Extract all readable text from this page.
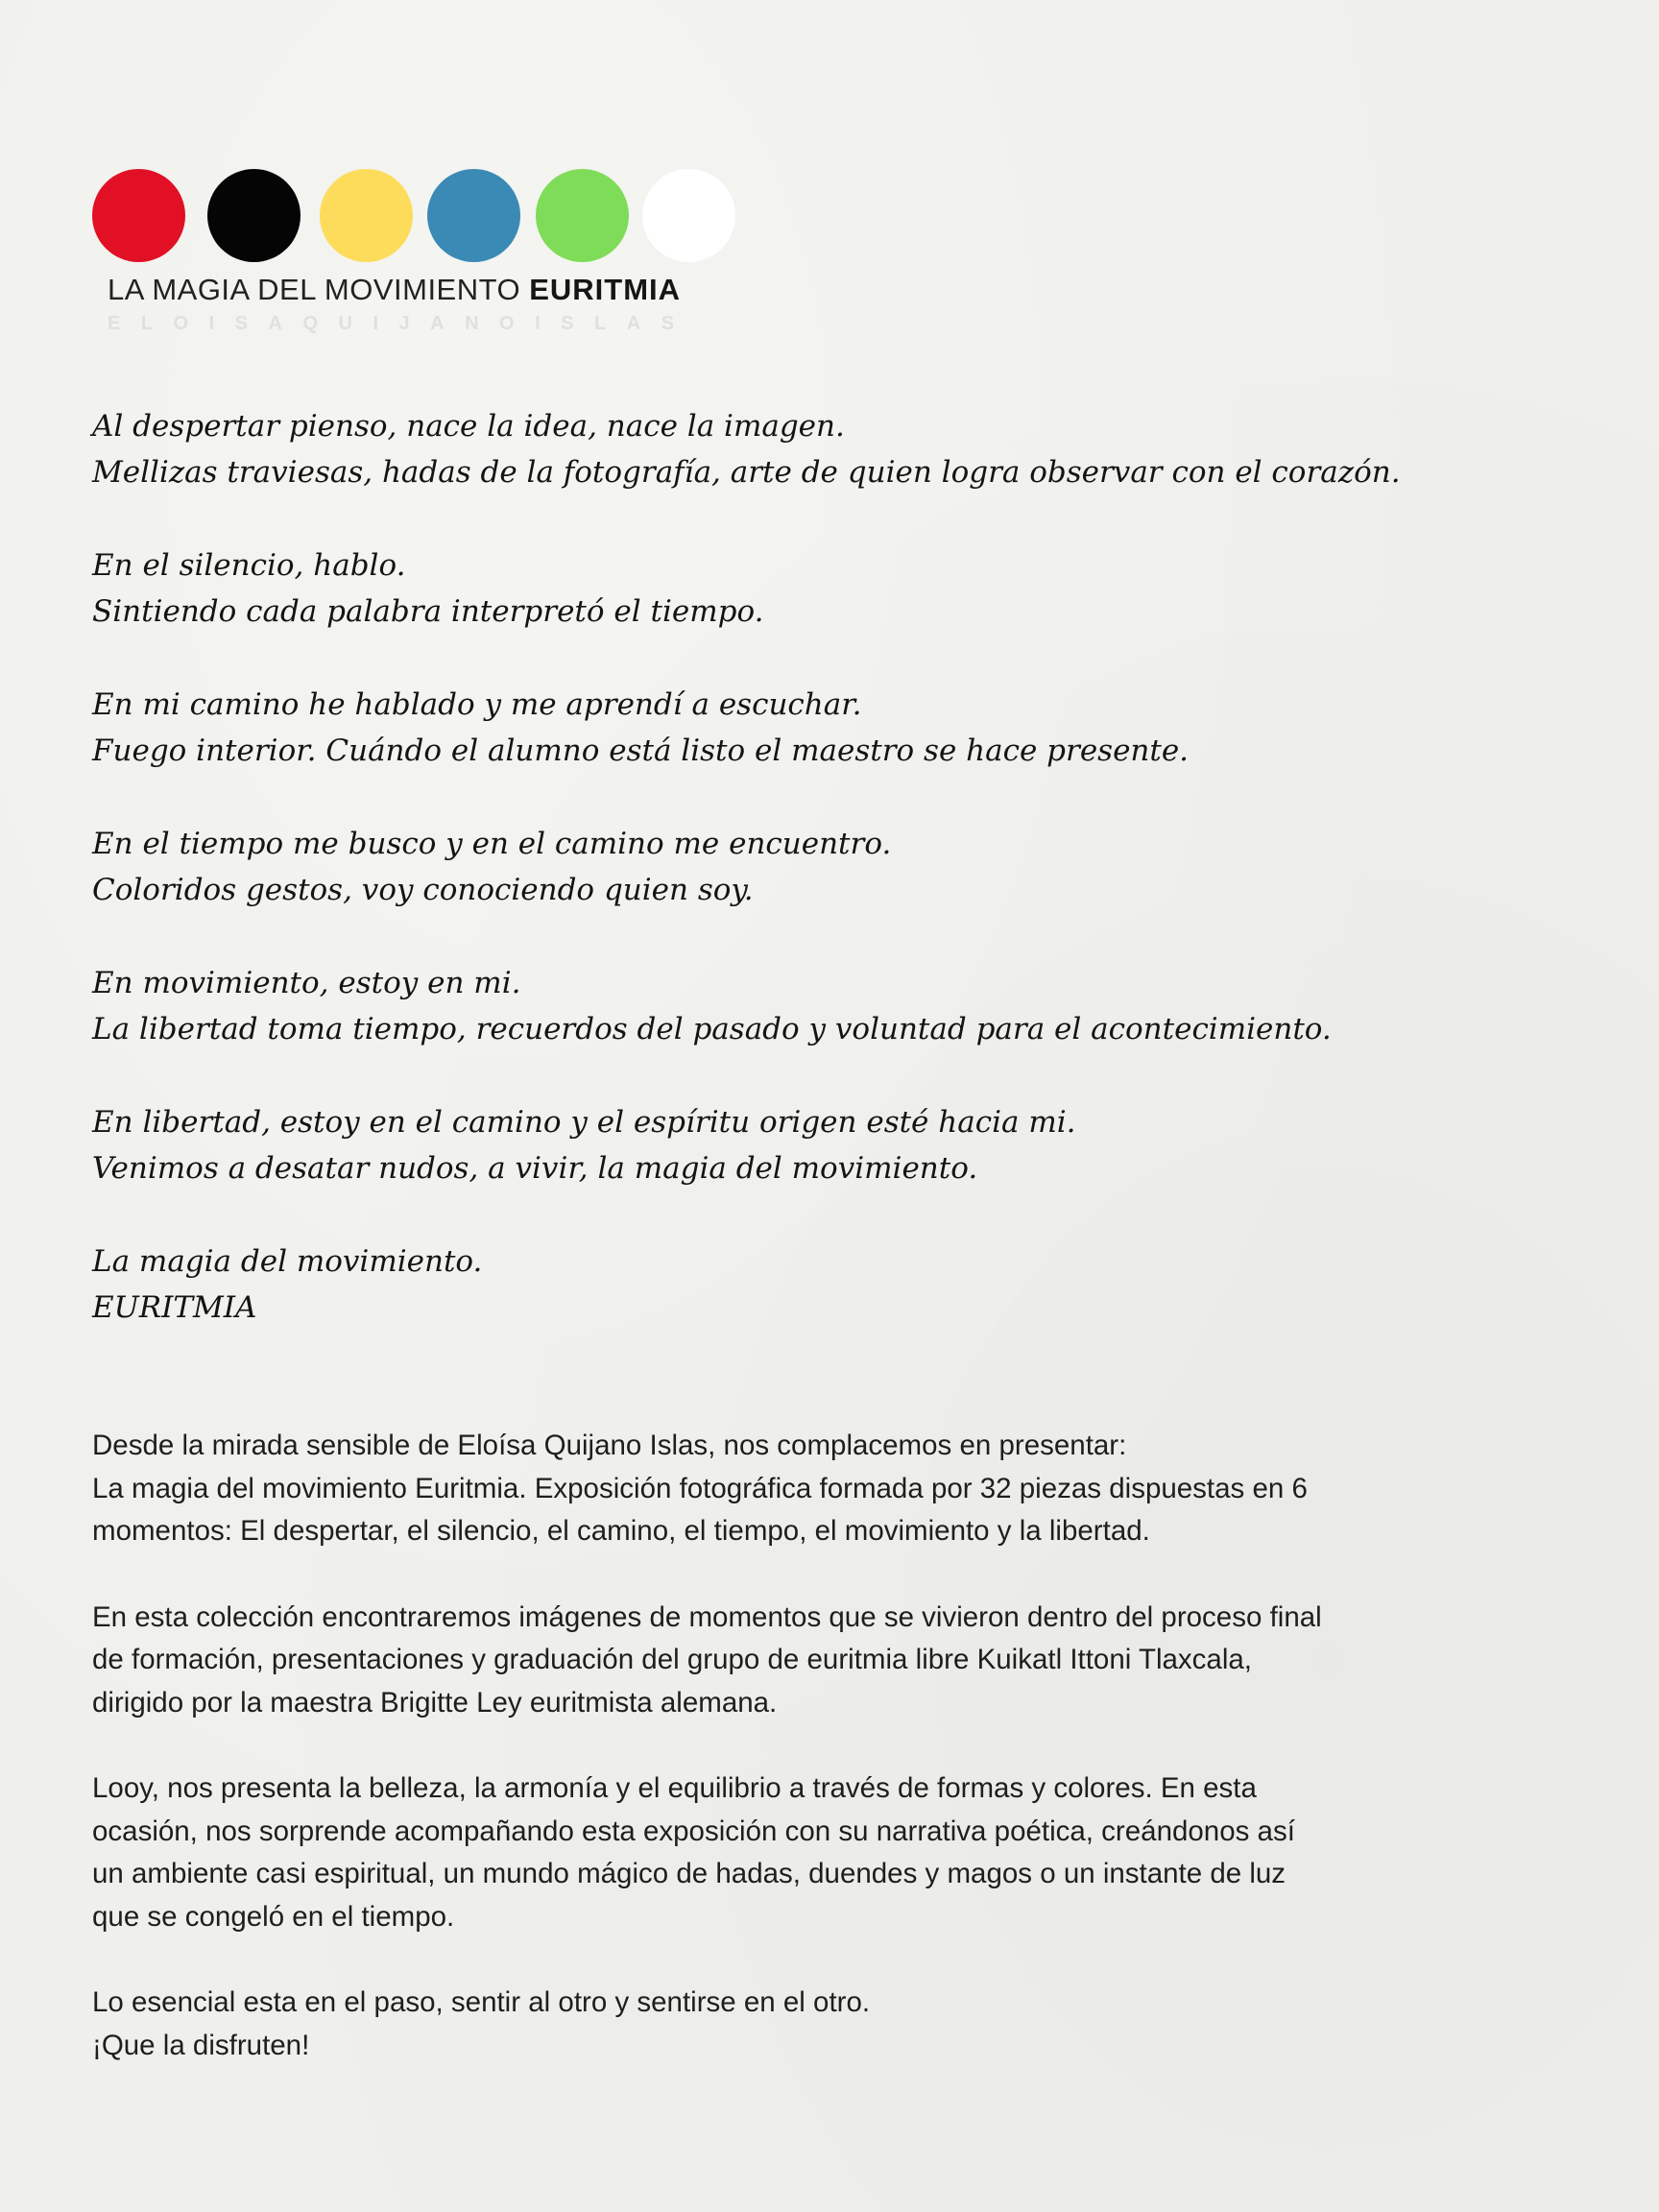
LA MAGIA DEL MOVIMIENTO EURITMIA
ELOISAQUIJANOISLAS
Al despertar pienso, nace la idea, nace la imagen.
Mellizas traviesas, hadas de la fotografía, arte de quien logra observar con el corazón.
En el silencio, hablo.
Sintiendo cada palabra interpretó el tiempo.
En mi camino he hablado y me aprendí a escuchar.
Fuego interior. Cuándo el alumno está listo el maestro se hace presente.
En el tiempo me busco y en el camino me encuentro.
Coloridos gestos, voy conociendo quien soy.
En movimiento, estoy en mi.
La libertad toma tiempo, recuerdos del pasado y voluntad para el acontecimiento.
En libertad, estoy en el camino y el espíritu origen esté hacia mi.
Venimos a desatar nudos, a vivir, la magia del movimiento.
La magia del movimiento.
EURITMIA
Desde la mirada sensible de Eloísa Quijano Islas, nos complacemos en presentar:
La magia del movimiento Euritmia. Exposición fotográfica formada por 32 piezas dispuestas en 6
momentos: El despertar, el silencio, el camino, el tiempo, el movimiento y la libertad.
En esta colección encontraremos imágenes de momentos que se vivieron dentro del proceso final
de formación, presentaciones y graduación del grupo de euritmia libre Kuikatl Ittoni Tlaxcala,
dirigido por la maestra Brigitte Ley euritmista alemana.
Looy, nos presenta la belleza, la armonía y el equilibrio a través de formas y colores. En esta
ocasión, nos sorprende acompañando esta exposición con su narrativa poética, creándonos así
un ambiente casi espiritual, un mundo mágico de hadas, duendes y magos o un instante de luz
que se congeló en el tiempo.
Lo esencial esta en el paso, sentir al otro y sentirse en el otro.
¡Que la disfruten!
